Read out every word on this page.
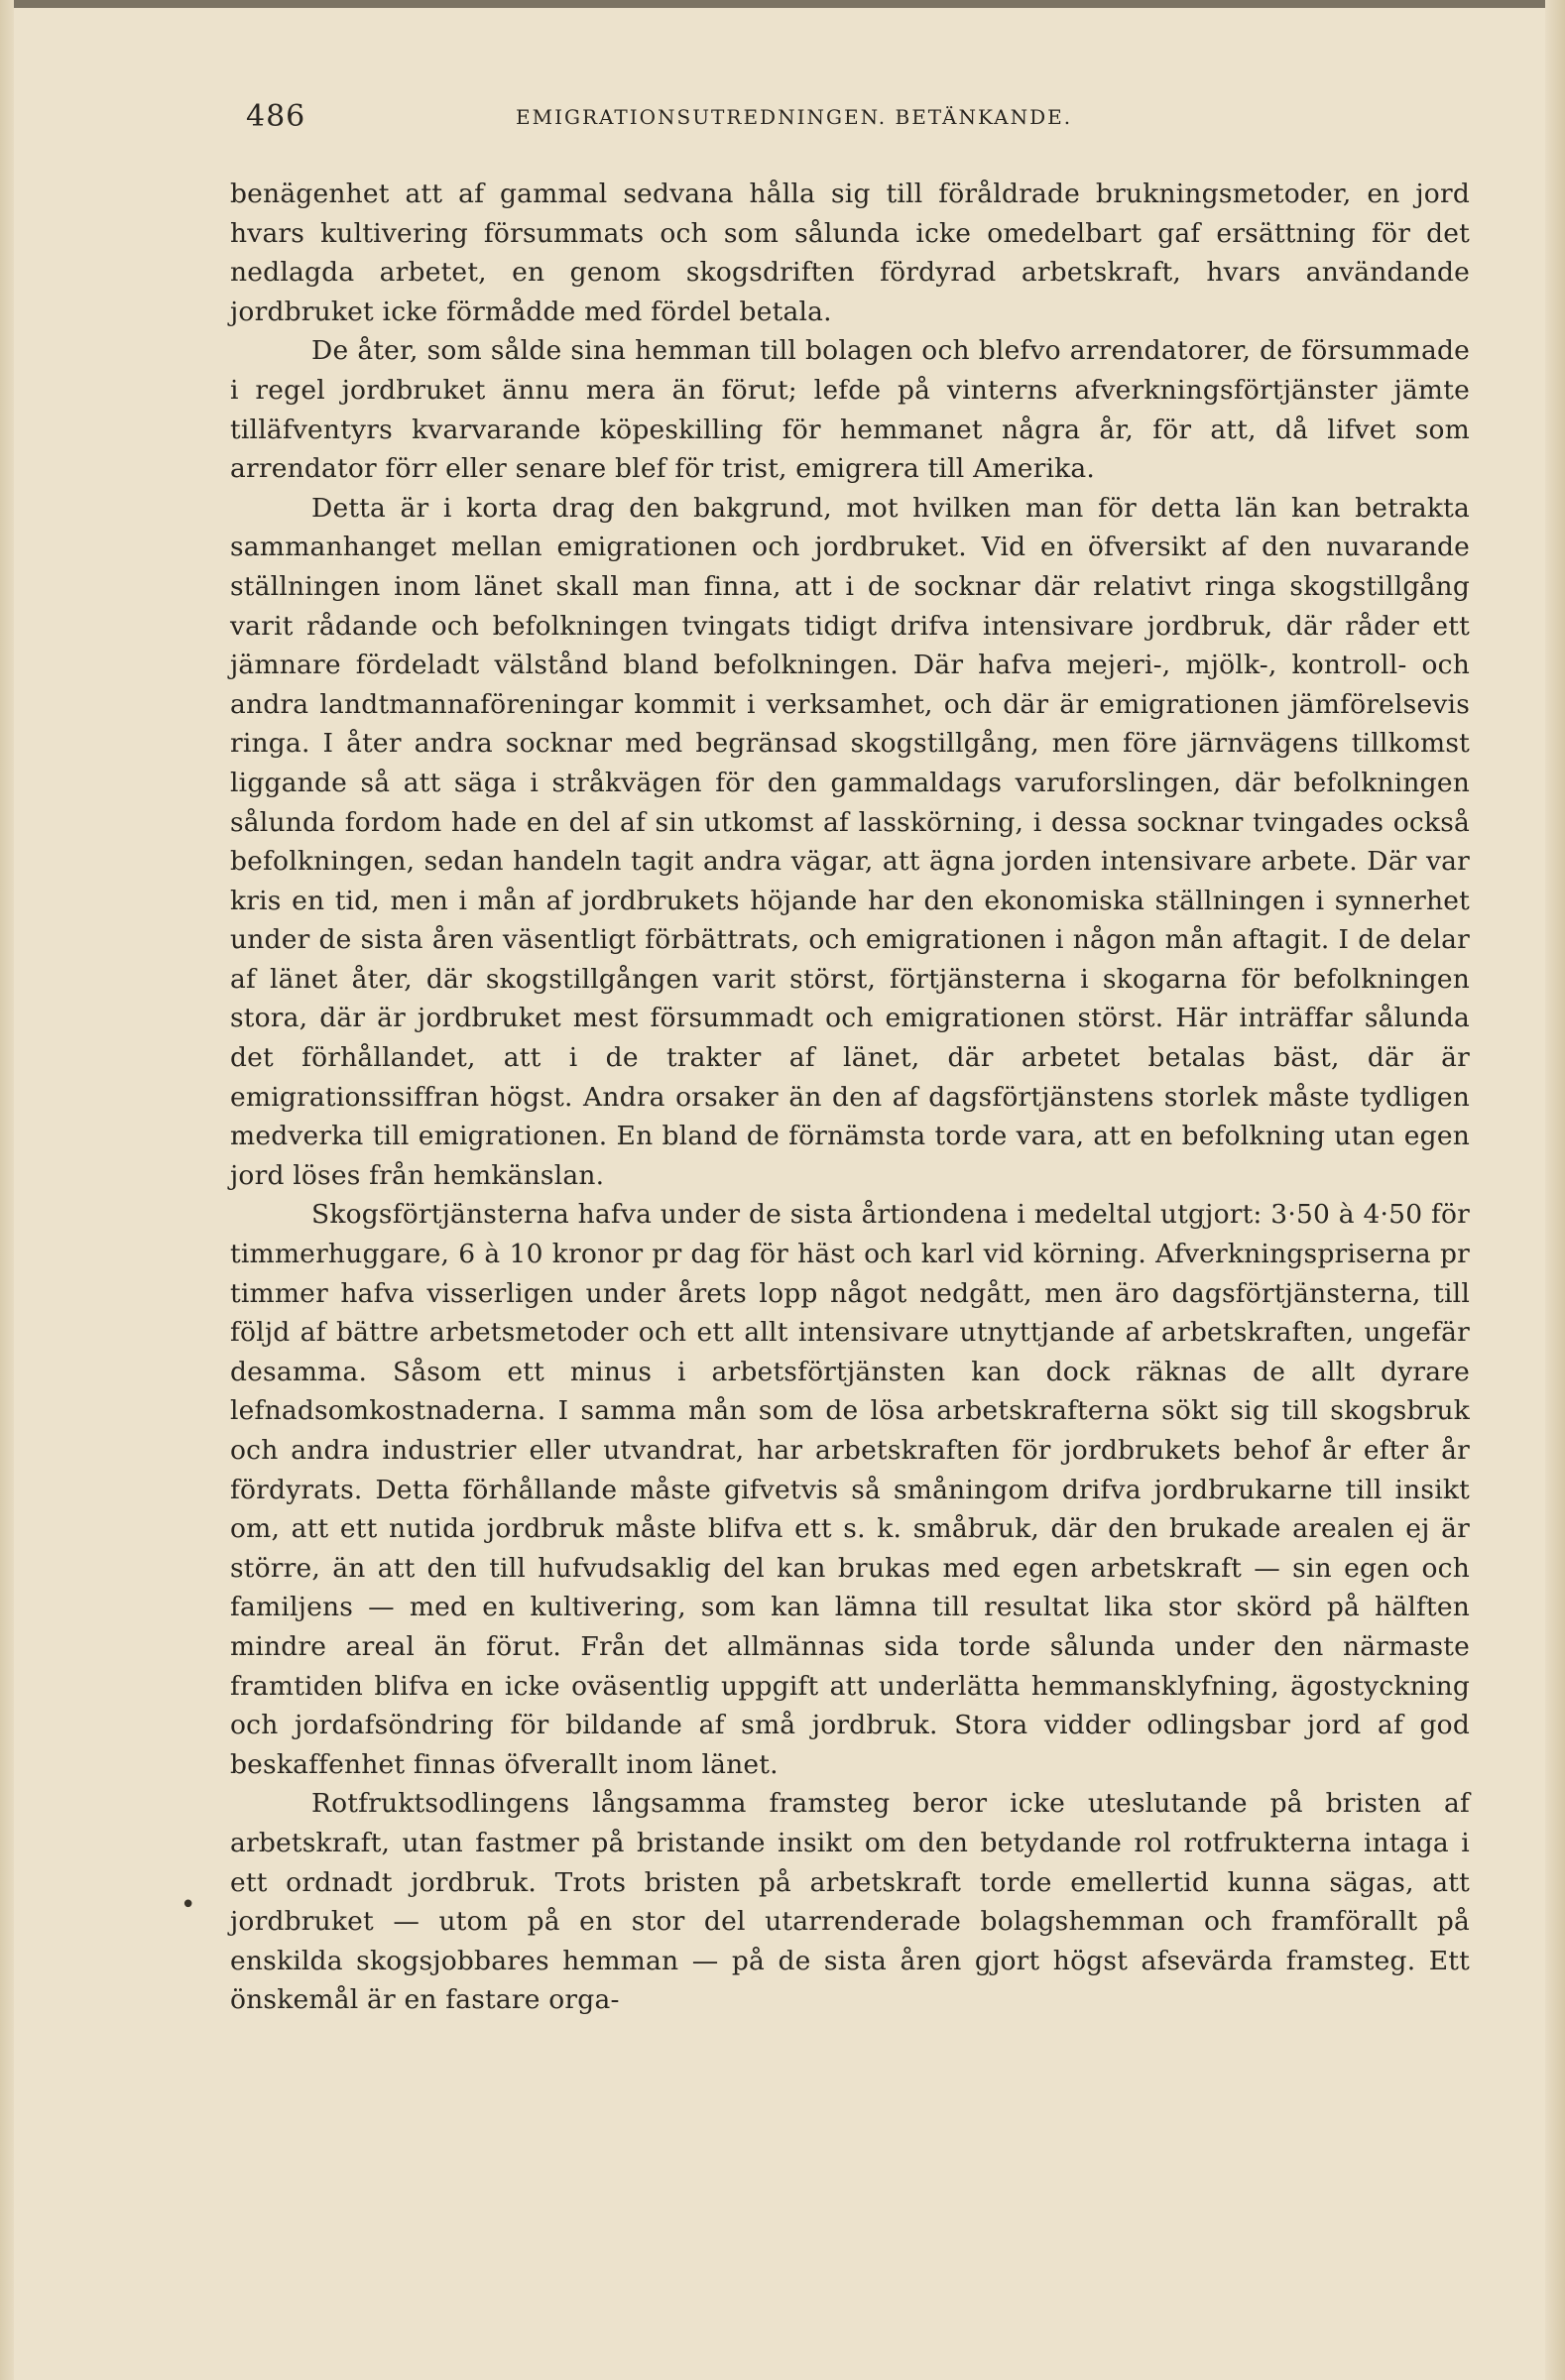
486	EMIGRATIONSUTREDNINGEN. BETÄNKANDE.

benägenhet att af gammal sedvana hålla sig till föråldrade brukningsmetoder, en jord hvars kultivering försummats och som sålunda icke omedelbart gaf ersättning för det nedlagda arbetet, en genom skogsdriften fördyrad arbetskraft, hvars användande jordbruket icke förmådde med fördel betala.

De åter, som sålde sina hemman till bolagen och blefvo arrendatorer, de försummade i regel jordbruket ännu mera än förut; lefde på vinterns afverkningsförtjänster jämte tilläfventyrs kvarvarande köpeskilling för hemmanet några år, för att, då lifvet som arrendator förr eller senare blef för trist, emigrera till Amerika.

Detta är i korta drag den bakgrund, mot hvilken man för detta län kan betrakta sammanhanget mellan emigrationen och jordbruket. Vid en öfversikt af den nuvarande ställningen inom länet skall man finna, att i de socknar där relativt ringa skogstillgång varit rådande och befolkningen tvingats tidigt drifva intensivare jordbruk, där råder ett jämnare fördeladt välstånd bland befolkningen. Där hafva mejeri-, mjölk-, kontroll- och andra landtmannaföreningar kommit i verksamhet, och där är emigrationen jämförelsevis ringa. I åter andra socknar med begränsad skogstillgång, men före järnvägens tillkomst liggande så att säga i stråkvägen för den gammaldags varuforslingen, där befolkningen sålunda fordom hade en del af sin utkomst af lasskörning, i dessa socknar tvingades också befolkningen, sedan handeln tagit andra vägar, att ägna jorden intensivare arbete. Där var kris en tid, men i mån af jordbrukets höjande har den ekonomiska ställningen i synnerhet under de sista åren väsentligt förbättrats, och emigrationen i någon mån aftagit. I de delar af länet åter, där skogstillgången varit störst, förtjänsterna i skogarna för befolkningen stora, där är jordbruket mest försummadt och emigrationen störst. Här inträffar sålunda det förhållandet, att i de trakter af länet, där arbetet betalas bäst, där är emigrationssiffran högst. Andra orsaker än den af dagsförtjänstens storlek måste tydligen medverka till emigrationen. En bland de förnämsta torde vara, att en befolkning utan egen jord löses från hemkänslan.

Skogsförtjänsterna hafva under de sista årtiondena i medeltal utgjort: 3·50 à 4·50 för timmerhuggare, 6 à 10 kronor pr dag för häst och karl vid körning. Afverkningspriserna pr timmer hafva visserligen under årets lopp något nedgått, men äro dagsförtjänsterna, till följd af bättre arbetsmetoder och ett allt intensivare utnyttjande af arbetskraften, ungefär desamma. Såsom ett minus i arbetsförtjänsten kan dock räknas de allt dyrare lefnadsomkostnaderna. I samma mån som de lösa arbetskrafterna sökt sig till skogsbruk och andra industrier eller utvandrat, har arbetskraften för jordbrukets behof år efter år fördyrats. Detta förhållande måste gifvetvis så småningom drifva jordbrukarne till insikt om, att ett nutida jordbruk måste blifva ett s. k. småbruk, där den brukade arealen ej är större, än att den till hufvudsaklig del kan brukas med egen arbetskraft — sin egen och familjens — med en kultivering, som kan lämna till resultat lika stor skörd på hälften mindre areal än förut. Från det allmännas sida torde sålunda under den närmaste framtiden blifva en icke oväsentlig uppgift att underlätta hemmansklyfning, ägostyckning och jordafsöndring för bildande af små jordbruk. Stora vidder odlingsbar jord af god beskaffenhet finnas öfverallt inom länet.

Rotfruktsodlingens långsamma framsteg beror icke uteslutande på bristen af arbetskraft, utan fastmer på bristande insikt om den betydande rol rotfrukterna intaga i ett ordnadt jordbruk. Trots bristen på arbetskraft torde emellertid kunna sägas, att jordbruket — utom på en stor del utarrenderade bolagshemman och framförallt på enskilda skogsjobbares hemman — på de sista åren gjort högst afsevärda framsteg. Ett önskemål är en fastare orga-

•
